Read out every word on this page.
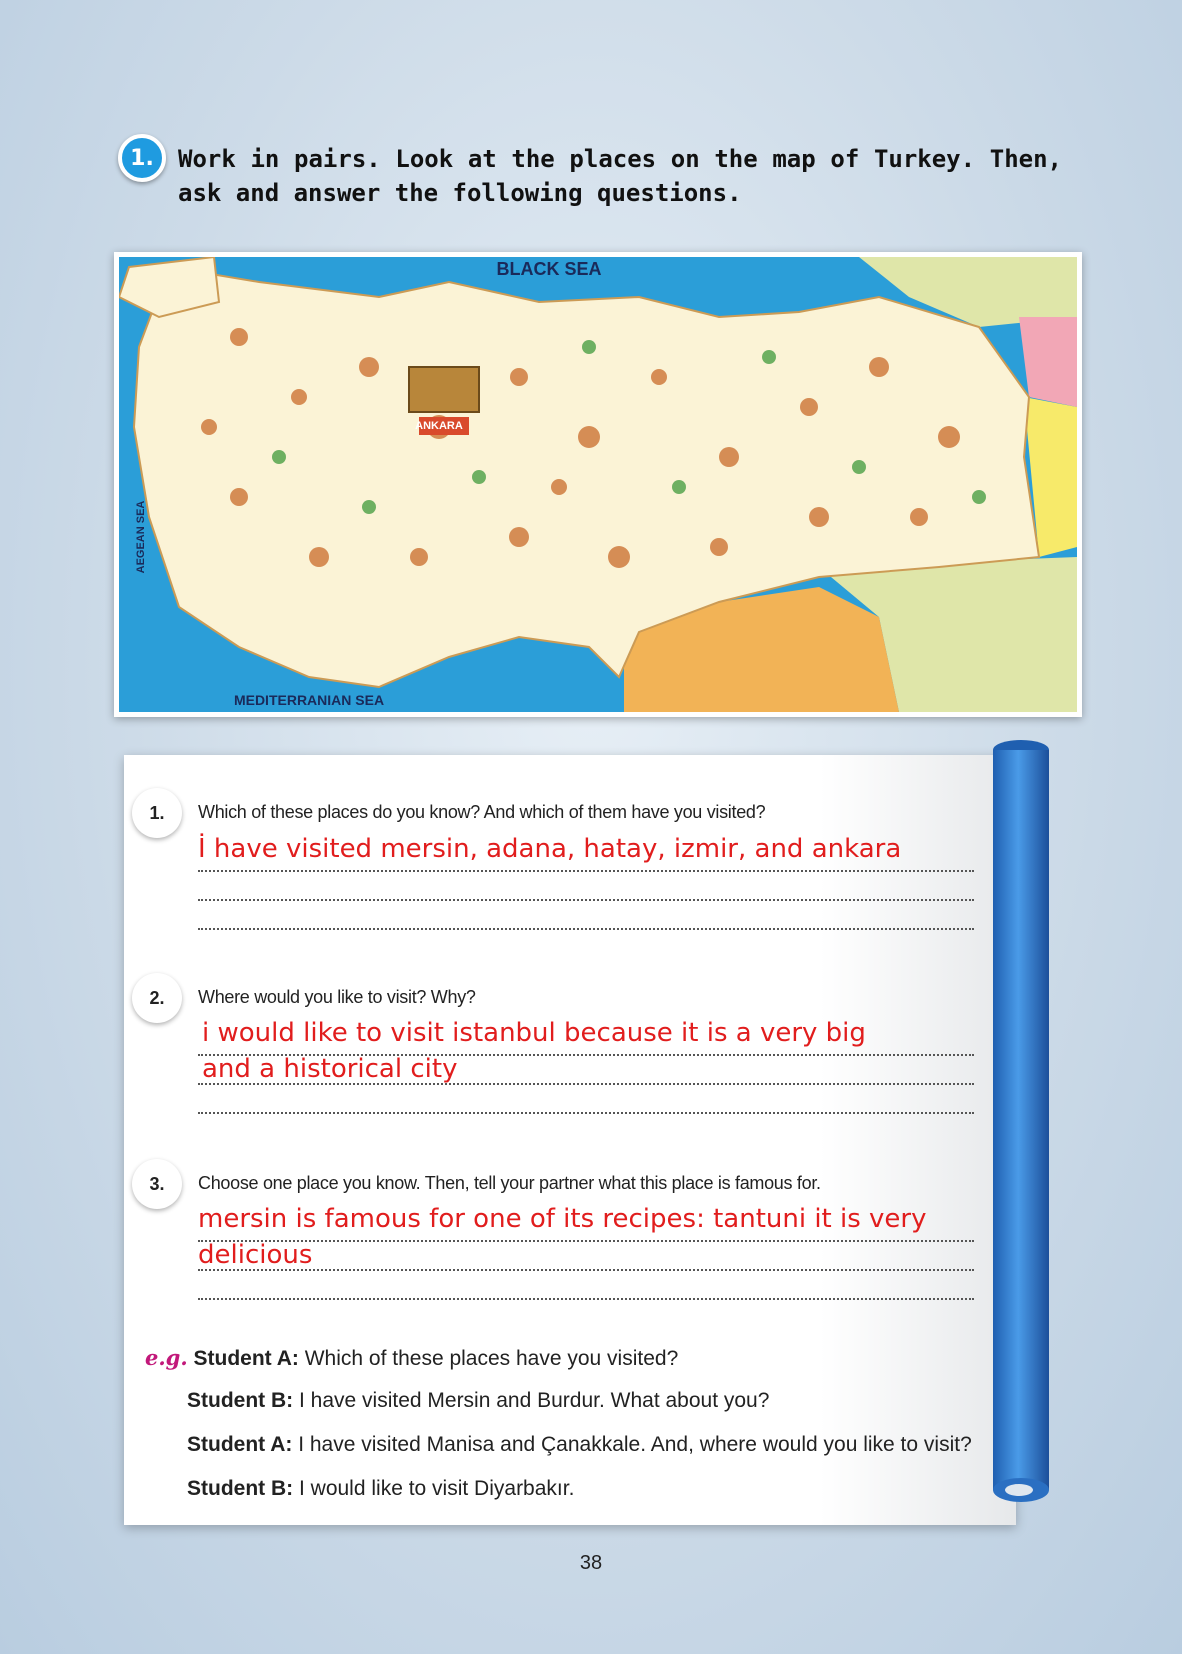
1.	Work in pairs. Look at the places on the map of Turkey. Then, ask and answer the following questions.
ANKARA
BLACK SEA
MEDITERRANIAN SEA
AEGEAN SEA
1.	Which of these places do you know? And which of them have you visited?
İ have visited mersin, adana, hatay, izmir, and ankara
2.	Where would you like to visit? Why?
i would like to visit istanbul because it is a very big
and a historical city
3.	Choose one place you know. Then, tell your partner what this place is famous for.
mersin is famous for one of its recipes: tantuni it is very
delicious
e.g. Student A: Which of these places have you visited?
Student B: I have visited Mersin and Burdur. What about you?
Student A: I have visited Manisa and Çanakkale. And, where would you like to visit?
Student B: I would like to visit Diyarbakır.
38
